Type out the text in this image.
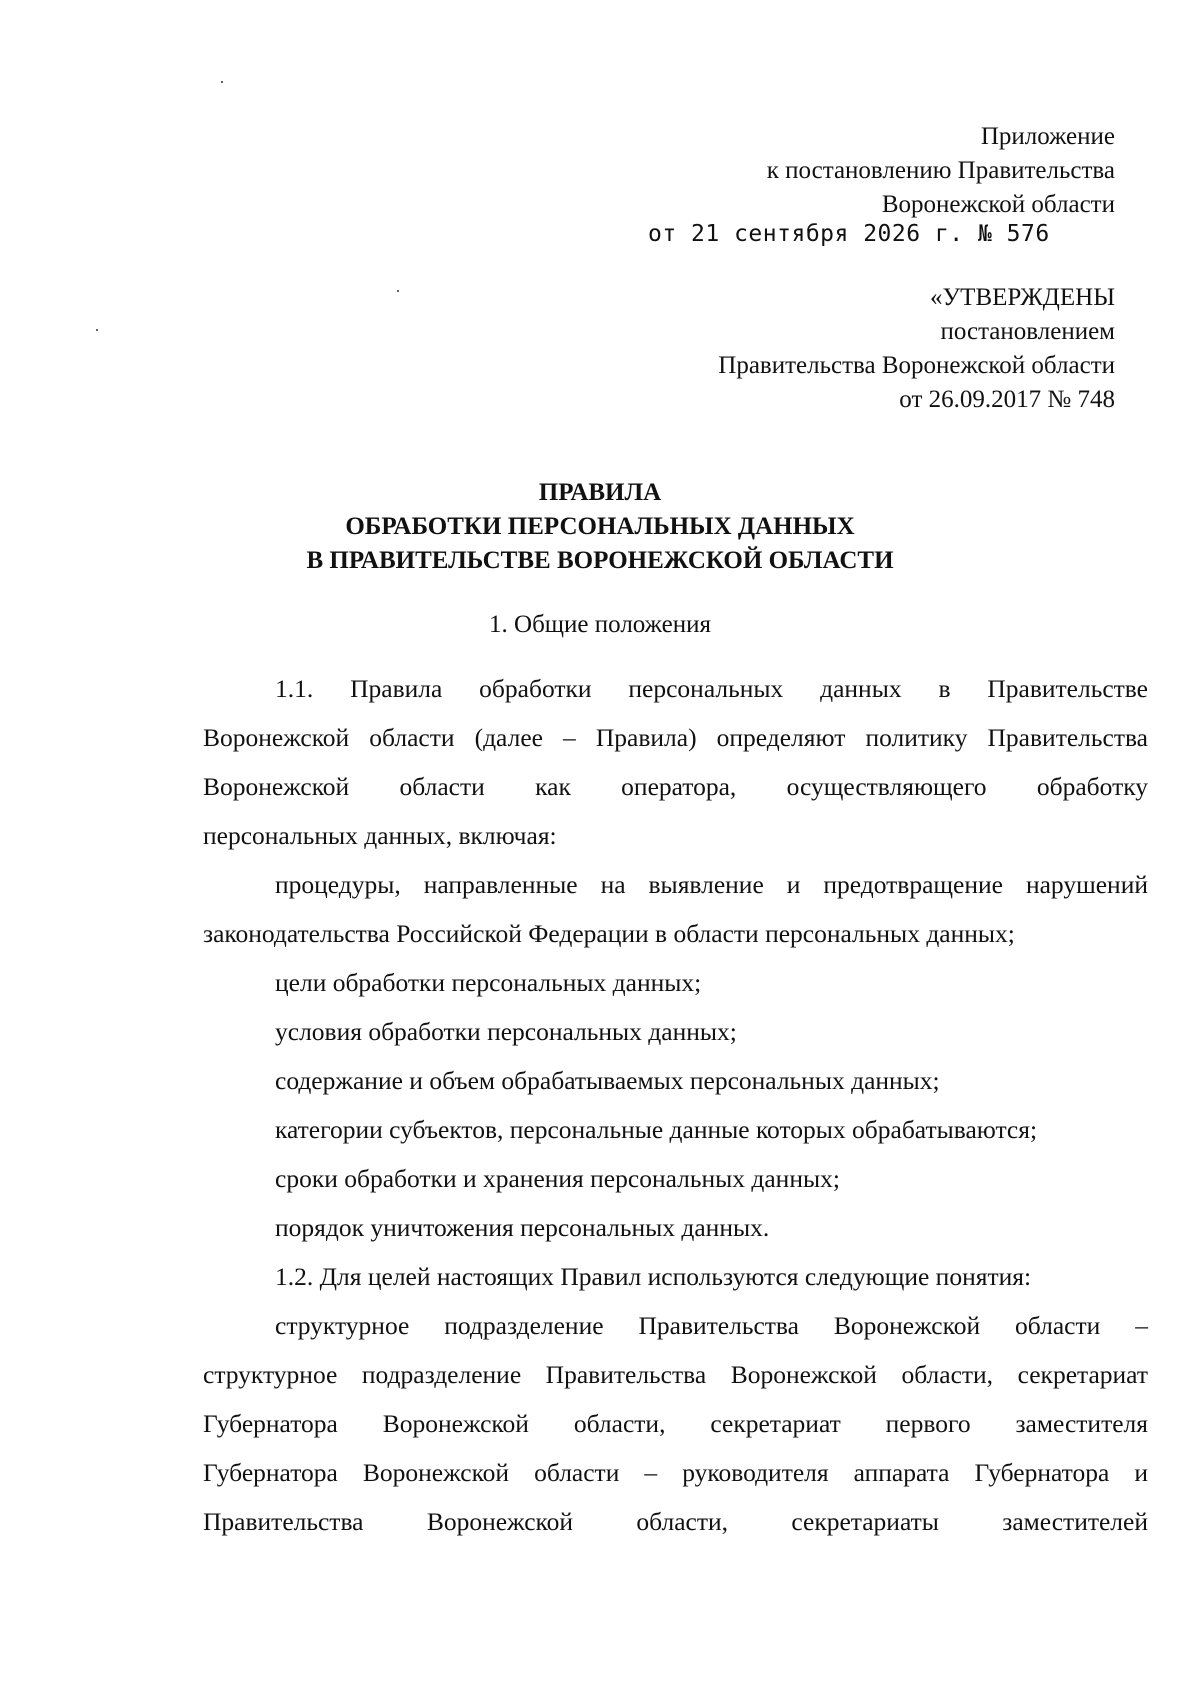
Приложение
к постановлению Правительства
Воронежской области
от 21 сентября 2026 г. № 576
«УТВЕРЖДЕНЫ
постановлением
Правительства Воронежской области
от 26.09.2017 № 748
ПРАВИЛА
ОБРАБОТКИ ПЕРСОНАЛЬНЫХ ДАННЫХ
В ПРАВИТЕЛЬСТВЕ ВОРОНЕЖСКОЙ ОБЛАСТИ
1. Общие положения

1.1. Правила обработки персональных данных в Правительстве

Воронежской области (далее – Правила) определяют политику Правительства

Воронежской области как оператора, осуществляющего обработку

персональных данных, включая:

процедуры, направленные на выявление и предотвращение нарушений

законодательства Российской Федерации в области персональных данных;

цели обработки персональных данных;

условия обработки персональных данных;

содержание и объем обрабатываемых персональных данных;

категории субъектов, персональные данные которых обрабатываются;

сроки обработки и хранения персональных данных;

порядок уничтожения персональных данных.

1.2. Для целей настоящих Правил используются следующие понятия:

структурное подразделение Правительства Воронежской области –

структурное подразделение Правительства Воронежской области, секретариат

Губернатора Воронежской области, секретариат первого заместителя

Губернатора Воронежской области – руководителя аппарата Губернатора и

Правительства Воронежской области, секретариаты заместителей
